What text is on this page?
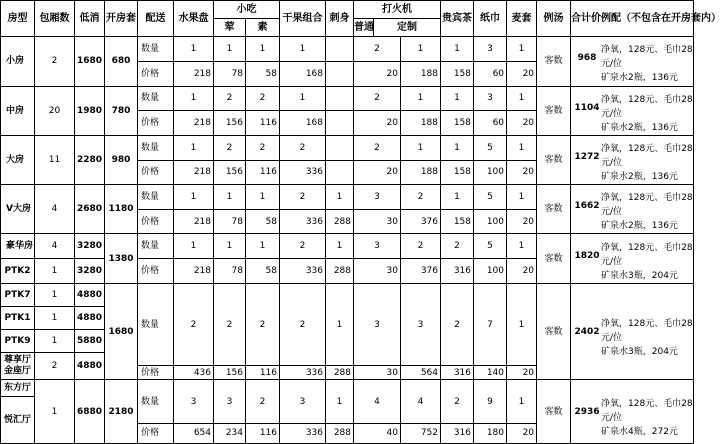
房型	包厢数	低消	开房套	配送	水果盘	小吃		干果组合	刺身	打火机			贵宾茶	纸巾	麦套	例汤	合计价例配（不包含在开房套内）
						荤	素			普通	定制						
小房	2	1680	680	数量	1	1	1	1		2		1	1	3	1	客数	968
净氧，128元、毛巾28元/位
矿泉水2瓶，136元

				价格	218	78	58	168		20		188	158	60	20		
中房	20	1980	780	数量	1	2	2	1		2		1	1	3	1	客数	1104
净氧，128元、毛巾28元/位
矿泉水2瓶，136元

				价格	218	156	116	168		20		188	158	60	20		
大房	11	2280	980	数量	1	2	2	2		2		1	1	5	1	客数	1272
净氧，128元、毛巾28元/位
矿泉水2瓶，136元

				价格	218	156	116	336		20		188	158	100	20		
V大房	4	2680	1180	数量	1	1	1	2	1	3		2	1	5	1	客数	1662
净氧，128元、毛巾28元/位
矿泉水2瓶，136元

				价格	218	78	58	336	288	30		376	158	100	20		
豪华房	4	3280	1380	数量	1	1	1	2	1	3		2	2	5	1	客数	1820
净氧，128元、毛巾28元/位
矿泉水3瓶，204元

PTK2	1	3280		价格	218	78	58	336	288	30		376	316	100	20		
PTK7	1	4880	1680	数量	2	2	2	2	1	3		3	2	7	1	客数	2402
净氧，128元、毛巾28元/位
矿泉水3瓶，204元

PTK1	1	4880															
PTK9	1	5880															

尊享厅
金座厅	2	4880															
				价格	436	156	116	336	288	30		564	316	140	20		
东方厅	1	6880	2180	数量	3	3	2	3	1	4		4	2	9	1	客数	2936
净氧，128元、毛巾28元/位
矿泉水4瓶，272元

悦汇厅																	
				价格	654	234	116	336	288	40		752	316	180	20		
